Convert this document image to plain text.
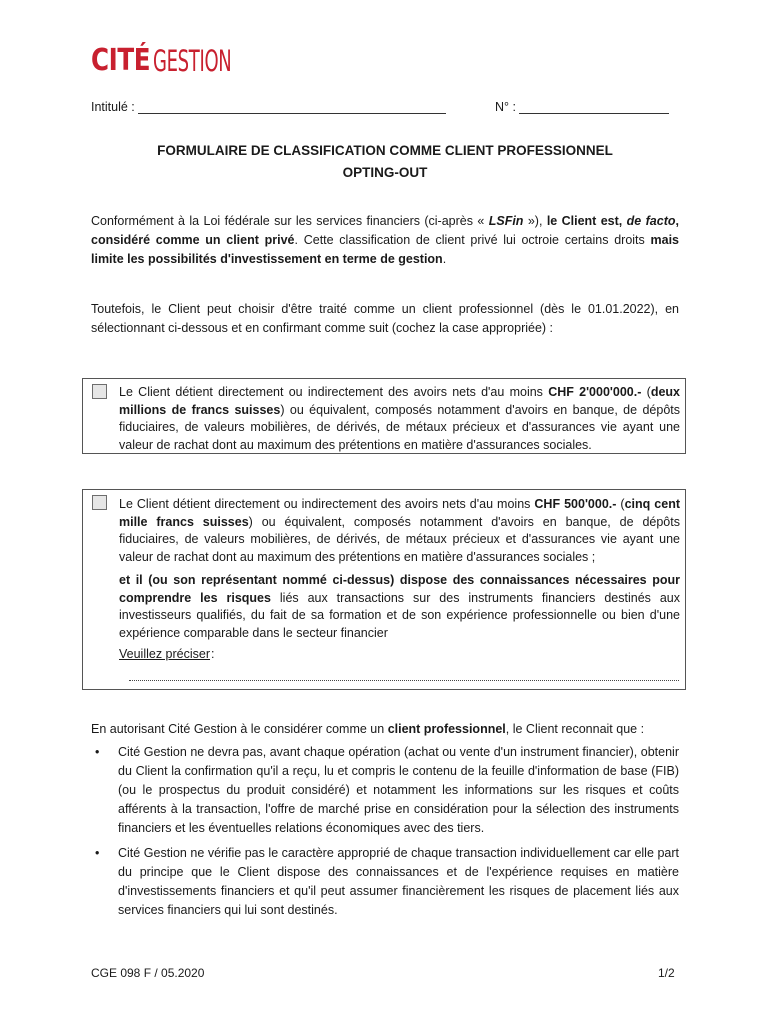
CITÉ GESTION
Intitulé :	N° :
FORMULAIRE DE CLASSIFICATION COMME CLIENT PROFESSIONNEL
OPTING-OUT

Conformément à la Loi fédérale sur les services financiers (ci-après « LSFin »), le Client est, de facto, considéré comme un client privé. Cette classification de client privé lui octroie certains droits mais limite les possibilités d'investissement en terme de gestion.

Toutefois, le Client peut choisir d'être traité comme un client professionnel (dès le 01.01.2022), en sélectionnant ci-dessous et en confirmant comme suit (cochez la case appropriée) :

Le Client détient directement ou indirectement des avoirs nets d'au moins CHF 2'000'000.- (deux millions de francs suisses) ou équivalent, composés notamment d'avoirs en banque, de dépôts fiduciaires, de valeurs mobilières, de dérivés, de métaux précieux et d'assurances vie ayant une valeur de rachat dont au maximum des prétentions en matière d'assurances sociales.

Le Client détient directement ou indirectement des avoirs nets d'au moins CHF 500'000.- (cinq cent mille francs suisses) ou équivalent, composés notamment d'avoirs en banque, de dépôts fiduciaires, de valeurs mobilières, de dérivés, de métaux précieux et d'assurances vie ayant une valeur de rachat dont au maximum des prétentions en matière d'assurances sociales ;

et il (ou son représentant nommé ci-dessus) dispose des connaissances nécessaires pour comprendre les risques liés aux transactions sur des instruments financiers destinés aux investisseurs qualifiés, du fait de sa formation et de son expérience professionnelle ou bien d'une expérience comparable dans le secteur financier

Veuillez préciser :

En autorisant Cité Gestion à le considérer comme un client professionnel, le Client reconnait que :

• Cité Gestion ne devra pas, avant chaque opération (achat ou vente d'un instrument financier), obtenir du Client la confirmation qu'il a reçu, lu et compris le contenu de la feuille d'information de base (FIB) (ou le prospectus du produit considéré) et notamment les informations sur les risques et coûts afférents à la transaction, l'offre de marché prise en considération pour la sélection des instruments financiers et les éventuelles relations économiques avec des tiers.
• Cité Gestion ne vérifie pas le caractère approprié de chaque transaction individuellement car elle part du principe que le Client dispose des connaissances et de l'expérience requises en matière d'investissements financiers et qu'il peut assumer financièrement les risques de placement liés aux services financiers qui lui sont destinés.
CGE 098 F / 05.2020	1/2
